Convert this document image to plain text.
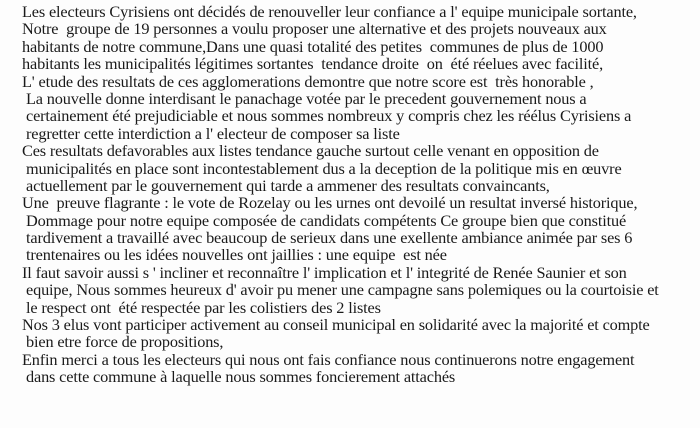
Les electeurs Cyrisiens ont décidés de renouveller leur confiance a l' equipe municipale sortante,
Notre  groupe de 19 personnes a voulu proposer une alternative et des projets nouveaux aux
habitants de notre commune,Dans une quasi totalité des petites  communes de plus de 1000
habitants les municipalités légitimes sortantes  tendance droite  on  été réelues avec facilité,
L' etude des resultats de ces agglomerations demontre que notre score est  très honorable ,
La nouvelle donne interdisant le panachage votée par le precedent gouvernement nous a
certainement été prejudiciable et nous sommes nombreux y compris chez les réélus Cyrisiens a
regretter cette interdiction a l' electeur de composer sa liste
Ces resultats defavorables aux listes tendance gauche surtout celle venant en opposition de
municipalités en place sont incontestablement dus a la deception de la politique mis en œuvre
actuellement par le gouvernement qui tarde a ammener des resultats convaincants,
Une  preuve flagrante : le vote de Rozelay ou les urnes ont devoilé un resultat inversé historique,
Dommage pour notre equipe composée de candidats compétents Ce groupe bien que constitué
tardivement a travaillé avec beaucoup de serieux dans une exellente ambiance animée par ses 6
trentenaires ou les idées nouvelles ont jaillies : une equipe  est née
Il faut savoir aussi s ' incliner et reconnaître l' implication et l' integrité de Renée Saunier et son
equipe, Nous sommes heureux d' avoir pu mener une campagne sans polemiques ou la courtoisie et
le respect ont  été respectée par les colistiers des 2 listes
Nos 3 elus vont participer activement au conseil municipal en solidarité avec la majorité et compte
bien etre force de propositions,
Enfin merci a tous les electeurs qui nous ont fais confiance nous continuerons notre engagement
dans cette commune à laquelle nous sommes foncierement attachés
